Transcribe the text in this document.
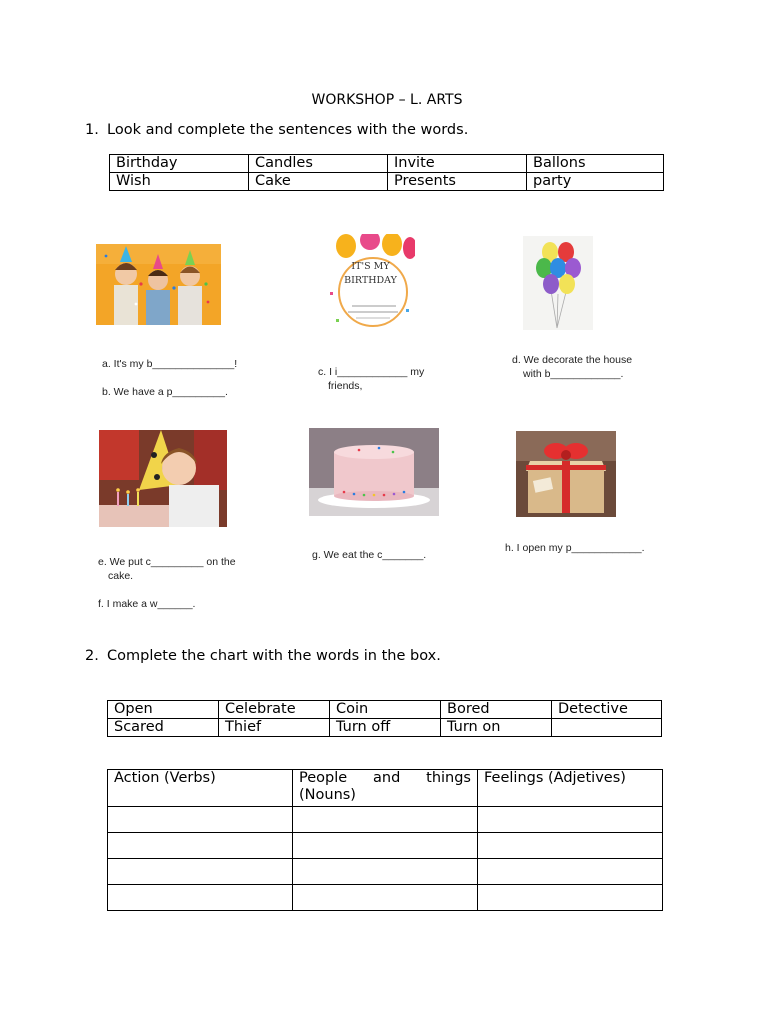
WORKSHOP – L. ARTS
1. Look and complete the sentences with the words.
Birthday	Candles	Invite	Ballons
Wish	Cake	Presents	party
IT'S MY BIRTHDAY
a. It's my b______________!
b. We have a p_________.
c. I i____________ my
friends,
d. We decorate the house
with b____________.
e. We put c_________ on the
cake.
f. I make a w______.
g. We eat the c_______.
h. I open my p____________.
2. Complete the chart with the words in the box.
Open	Celebrate	Coin	Bored	Detective
Scared	Thief	Turn off	Turn on	
Action (Verbs)	People and things (Nouns)	Feelings (Adjetives)
